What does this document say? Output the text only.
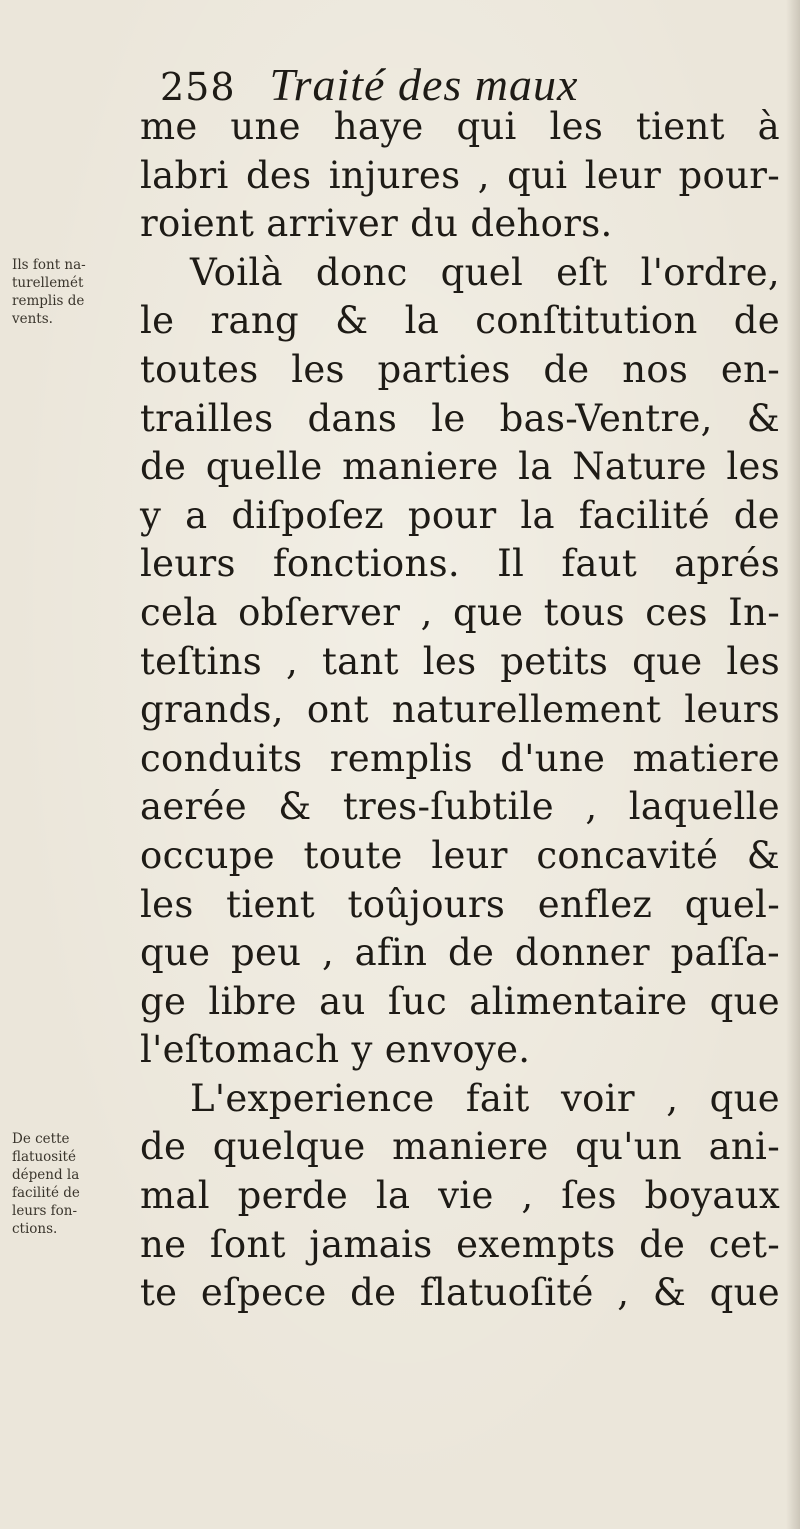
258 Traité des maux
Ils font na-
turellemét
remplis de
vents.
De cette
flatuosité
dépend la
facilité de
leurs fon-
ctions.
me une haye qui les tient à
labri des injures , qui leur pour-
roient arriver du dehors.
Voilà donc quel eſt l'ordre,
le rang & la conſtitution de
toutes les parties de nos en-
trailles dans le bas-Ventre, &
de quelle maniere la Nature les
y a diſpoſez pour la facilité de
leurs fonctions. Il faut aprés
cela obſerver , que tous ces In-
teſtins , tant les petits que les
grands, ont naturellement leurs
conduits remplis d'une matiere
aerée & tres-ſubtile , laquelle
occupe toute leur concavité &
les tient toûjours enflez quel-
que peu , afin de donner paſſa-
ge libre au ſuc alimentaire que
l'eſtomach y envoye.
L'experience fait voir , que
de quelque maniere qu'un ani-
mal perde la vie , ſes boyaux
ne ſont jamais exempts de cet-
te eſpece de flatuoſité , & que
